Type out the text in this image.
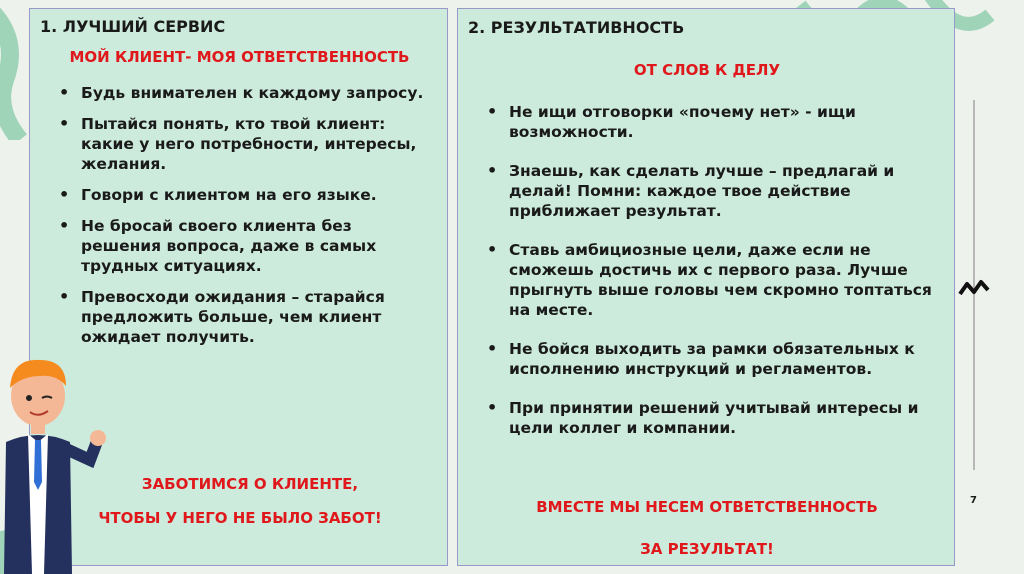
1. ЛУЧШИЙ СЕРВИС
МОЙ КЛИЕНТ- МОЯ ОТВЕТСТВЕННОСТЬ
• Будь внимателен к каждому запросу.
• Пытайся понять, кто твой клиент: какие у него потребности, интересы, желания.
• Говори с клиентом на его языке.
• Не бросай своего клиента без решения вопроса, даже в самых трудных ситуациях.
• Превосходи ожидания – старайся предложить больше, чем клиент ожидает получить.
ЗАБОТИМСЯ О КЛИЕНТЕ,
ЧТОБЫ У НЕГО НЕ БЫЛО ЗАБОТ!
2. РЕЗУЛЬТАТИВНОСТЬ
ОТ СЛОВ К ДЕЛУ
• Не ищи отговорки «почему нет» - ищи возможности.
• Знаешь, как сделать лучше – предлагай и делай! Помни: каждое твое действие приближает результат.
• Ставь амбициозные цели, даже если не сможешь достичь их с первого раза. Лучше прыгнуть выше головы чем скромно топтаться на месте.
• Не бойся выходить за рамки обязательных к исполнению инструкций и регламентов.
• При принятии решений учитывай интересы и цели коллег и компании.
ВМЕСТЕ МЫ НЕСЕМ ОТВЕТСТВЕННОСТЬ
ЗА РЕЗУЛЬТАТ!
7
